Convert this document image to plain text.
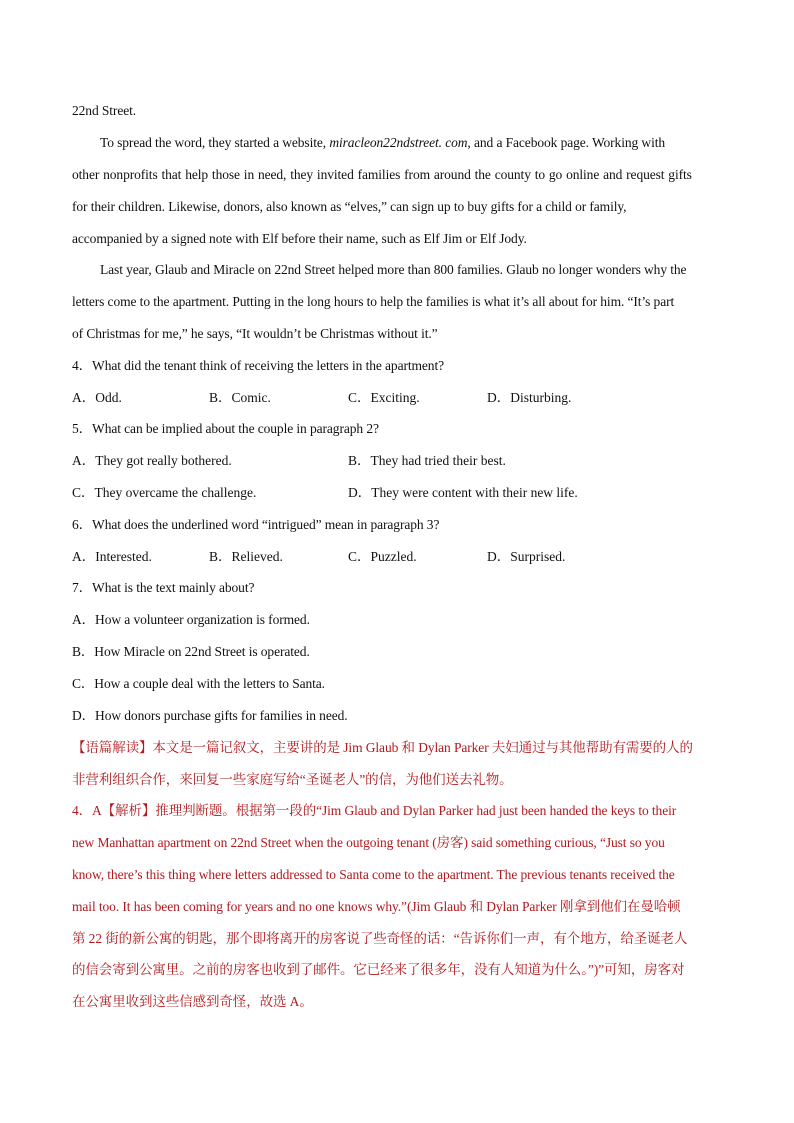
22nd Street.
To spread the word, they started a website, miracleon22ndstreet. com, and a Facebook page. Working with
other nonprofits that help those in need, they invited families from around the county to go online and request gifts
for their children. Likewise, donors, also known as “elves,” can sign up to buy gifts for a child or family,
accompanied by a signed note with Elf before their name, such as Elf Jim or Elf Jody.
Last year, Glaub and Miracle on 22nd Street helped more than 800 families. Glaub no longer wonders why the
letters come to the apartment. Putting in the long hours to help the families is what it’s all about for him. “It’s part
of Christmas for me,” he says, “It wouldn’t be Christmas without it.”
4．What did the tenant think of receiving the letters in the apartment?
A．Odd.	B．Comic.	C．Exciting.	D．Disturbing.
5．What can be implied about the couple in paragraph 2?
A．They got really bothered.	B．They had tried their best.
C．They overcame the challenge.	D．They were content with their new life.
6．What does the underlined word “intrigued” mean in paragraph 3?
A．Interested.	B．Relieved.	C．Puzzled.	D．Surprised.
7．What is the text mainly about?
A．How a volunteer organization is formed.
B．How Miracle on 22nd Street is operated.
C．How a couple deal with the letters to Santa.
D．How donors purchase gifts for families in need.
【语篇解读】本文是一篇记叙文，主要讲的是 Jim Glaub 和 Dylan Parker 夫妇通过与其他帮助有需要的人的
非营利组织合作，来回复一些家庭写给“圣诞老人”的信，为他们送去礼物。
4．A【解析】推理判断题。根据第一段的“Jim Glaub and Dylan Parker had just been handed the keys to their
new Manhattan apartment on 22nd Street when the outgoing tenant (房客) said something curious, “Just so you
know, there’s this thing where letters addressed to Santa come to the apartment. The previous tenants received the
mail too. It has been coming for years and no one knows why.”(Jim Glaub 和 Dylan Parker 刚拿到他们在曼哈顿
第 22 街的新公寓的钥匙，那个即将离开的房客说了些奇怪的话：“告诉你们一声，有个地方，给圣诞老人
的信会寄到公寓里。之前的房客也收到了邮件。它已经来了很多年，没有人知道为什么。”)”可知，房客对
在公寓里收到这些信感到奇怪，故选 A。
